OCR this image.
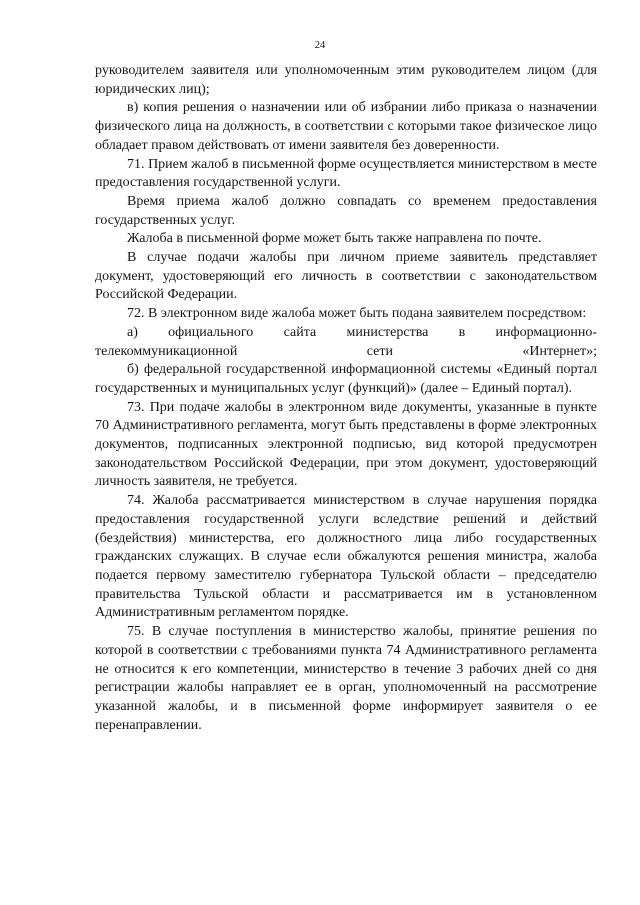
24

руководителем заявителя или уполномоченным этим руководителем лицом (для юридических лиц);

в) копия решения о назначении или об избрании либо приказа о назначении физического лица на должность, в соответствии с которыми такое физическое лицо обладает правом действовать от имени заявителя без доверенности.

71. Прием жалоб в письменной форме осуществляется министерством в месте предоставления государственной услуги.

Время приема жалоб должно совпадать со временем предоставления государственных услуг.

Жалоба в письменной форме может быть также направлена по почте.

В случае подачи жалобы при личном приеме заявитель представляет документ, удостоверяющий его личность в соответствии с законодательством Российской Федерации.

72. В электронном виде жалоба может быть подана заявителем посредством:

а) официального сайта министерства в информационно-телекоммуникационной сети «Интернет»;

б) федеральной государственной информационной системы «Единый портал государственных и муниципальных услуг (функций)» (далее – Единый портал).

73. При подаче жалобы в электронном виде документы, указанные в пункте 70 Административного регламента, могут быть представлены в форме электронных документов, подписанных электронной подписью, вид которой предусмотрен законодательством Российской Федерации, при этом документ, удостоверяющий личность заявителя, не требуется.

74. Жалоба рассматривается министерством в случае нарушения порядка предоставления государственной услуги вследствие решений и действий (бездействия) министерства, его должностного лица либо государственных гражданских служащих. В случае если обжалуются решения министра, жалоба подается первому заместителю губернатора Тульской области – председателю правительства Тульской области и рассматривается им в установленном Административным регламентом порядке.

75. В случае поступления в министерство жалобы, принятие решения по которой в соответствии с требованиями пункта 74 Административного регламента не относится к его компетенции, министерство в течение 3 рабочих дней со дня регистрации жалобы направляет ее в орган, уполномоченный на рассмотрение указанной жалобы, и в письменной форме информирует заявителя о ее перенаправлении.
